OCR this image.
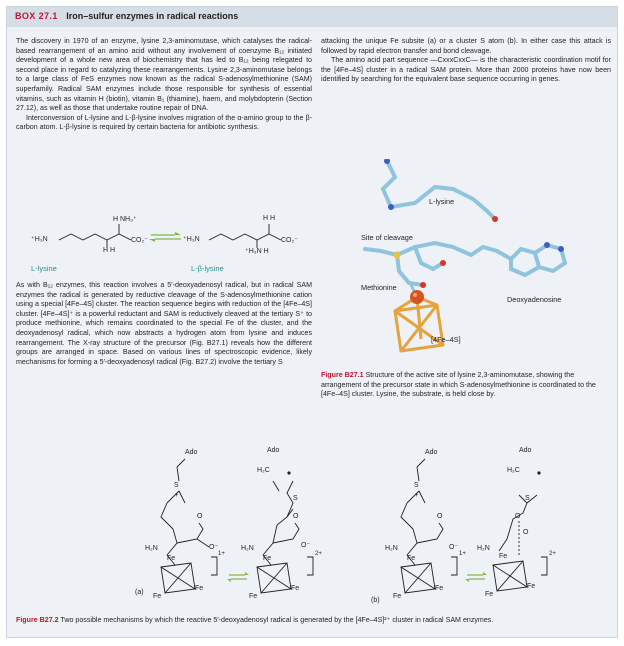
BOX 27.1 Iron–sulfur enzymes in radical reactions

The discovery in 1970 of an enzyme, lysine 2,3-aminomutase, which catalyses the radical-based rearrangement of an amino acid without any involvement of coenzyme B₁₂ initiated development of a whole new area of biochemistry that has led to B₁₂ being relegated to second place in regard to catalyzing these rearrangements. Lysine 2,3-aminomutase belongs to a large class of FeS enzymes now known as the radical S-adenosylmethionine (SAM) superfamily. Radical SAM enzymes include those responsible for synthesis of essential vitamins, such as vitamin H (biotin), vitamin B₁ (thiamine), haem, and molybdopterin (Section 27.12), as well as those that undertake routine repair of DNA.

Interconversion of L-lysine and L-β-lysine involves migration of the α-amino group to the β-carbon atom. L-β-lysine is required by certain bacteria for antibiotic synthesis.

⁺H₃N
H NH₃⁺
CO₂⁻
H H
⁺H₃N
H H
CO₂⁻
⁺H₃N H
L-lysine	L-β-lysine

As with B₁₂ enzymes, this reaction involves a 5′-deoxyadenosyl radical, but in radical SAM enzymes the radical is generated by reductive cleavage of the S-adenosylmethionine cation using a special [4Fe–4S] cluster. The reaction sequence begins with reduction of the [4Fe–4S] cluster. [4Fe–4S]⁺ is a powerful reductant and SAM is reductively cleaved at the tertiary S⁺ to produce methionine, which remains coordinated to the special Fe of the cluster, and the deoxyadenosyl radical, which now abstracts a hydrogen atom from lysine and induces rearrangement. The X-ray structure of the precursor (Fig. B27.1) reveals how the different groups are arranged in space. Based on various lines of spectroscopic evidence, likely mechanisms for forming a 5′-deoxyadenosyl radical (Fig. B27.2) involve the tertiary S

attacking the unique Fe subsite (a) or a cluster S atom (b). In either case this attack is followed by rapid electron transfer and bond cleavage.

The amino acid part sequence —CxxxCxxC— is the characteristic coordination motif for the [4Fe–4S] cluster in a radical SAM protein. More than 2000 proteins have now been identified by searching for the equivalent base sequence occurring in genes.

L-lysine
Site of cleavage
Methionine
Deoxyadenosine
[4Fe–4S]
Figure B27.1 Structure of the active site of lysine 2,3-aminomutase, showing the arrangement of the precursor state in which S-adenosylmethionine is coordinated to the [4Fe–4S] cluster. Lysine, the substrate, is held close by.
Ado
S
+
O
O⁻
H₂N
Fe
Fe
Fe
1+
Ado
H₂C
S
O
O⁻
H₂N
Fe
Fe
Fe
2+
(a)
Ado
S
+
O
O⁻
H₂N
Fe
Fe
Fe
1+
Ado
H₂C
S
O
O
H₂N
Fe
Fe
Fe
2+
(b)
Figure B27.2 Two possible mechanisms by which the reactive 5′-deoxyadenosyl radical is generated by the [4Fe–4S]²⁺ cluster in radical SAM enzymes.
